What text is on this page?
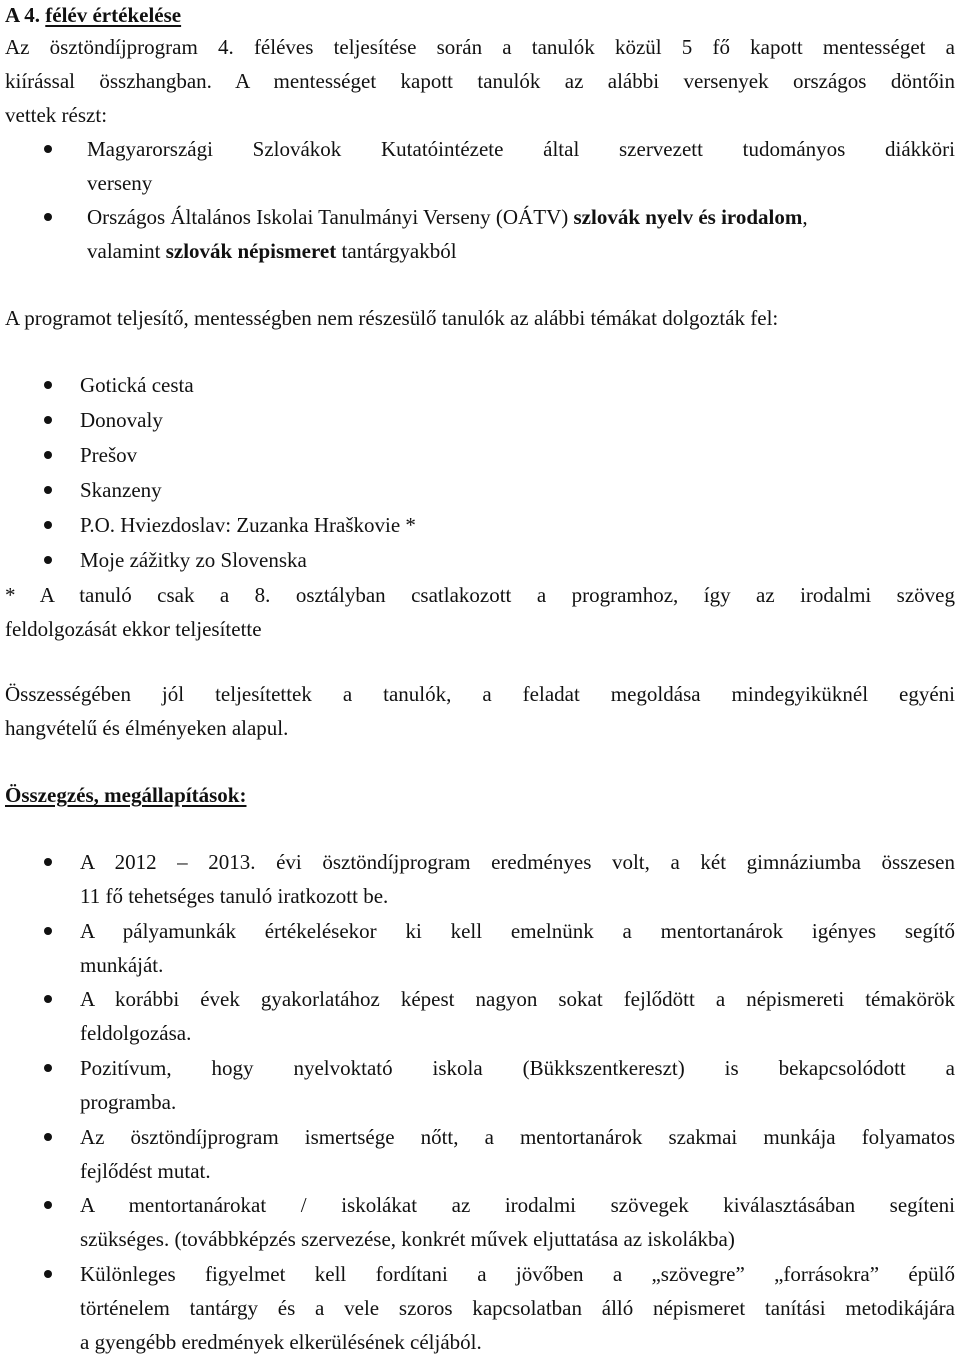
A 4. félév értékelése
Az ösztöndíjprogram 4. féléves teljesítése során a tanulók közül 5 fő kapott mentességet a
kiírással összhangban. A mentességet kapott tanulók az alábbi versenyek országos döntőin
vettek részt:
Magyarországi Szlovákok Kutatóintézete által szervezett tudományos diákköri
verseny
Országos Általános Iskolai Tanulmányi Verseny (OÁTV) szlovák nyelv és irodalom,
valamint szlovák népismeret tantárgyakból
A programot teljesítő, mentességben nem részesülő tanulók az alábbi témákat dolgozták fel:
Gotická cesta
Donovaly
Prešov
Skanzeny
P.O. Hviezdoslav: Zuzanka Hraškovie *
Moje zážitky zo Slovenska
* A tanuló csak a 8. osztályban csatlakozott a programhoz, így az irodalmi szöveg
feldolgozását ekkor teljesítette
Összességében jól teljesítettek a tanulók, a feladat megoldása mindegyiküknél egyéni
hangvételű és élményeken alapul.
Összegzés, megállapítások:
A 2012 – 2013. évi ösztöndíjprogram eredményes volt, a két gimnáziumba összesen
11 fő tehetséges tanuló iratkozott be.
A pályamunkák értékelésekor ki kell emelnünk a mentortanárok igényes segítő
munkáját.
A korábbi évek gyakorlatához képest nagyon sokat fejlődött a népismereti témakörök
feldolgozása.
Pozitívum, hogy nyelvoktató iskola (Bükkszentkereszt) is bekapcsolódott a
programba.
Az ösztöndíjprogram ismertsége nőtt, a mentortanárok szakmai munkája folyamatos
fejlődést mutat.
A mentortanárokat / iskolákat az irodalmi szövegek kiválasztásában segíteni
szükséges. (továbbképzés szervezése, konkrét művek eljuttatása az iskolákba)
Különleges figyelmet kell fordítani a jövőben a „szövegre” „forrásokra” épülő
történelem tantárgy és a vele szoros kapcsolatban álló népismeret tanítási metodikájára
a gyengébb eredmények elkerülésének céljából.
